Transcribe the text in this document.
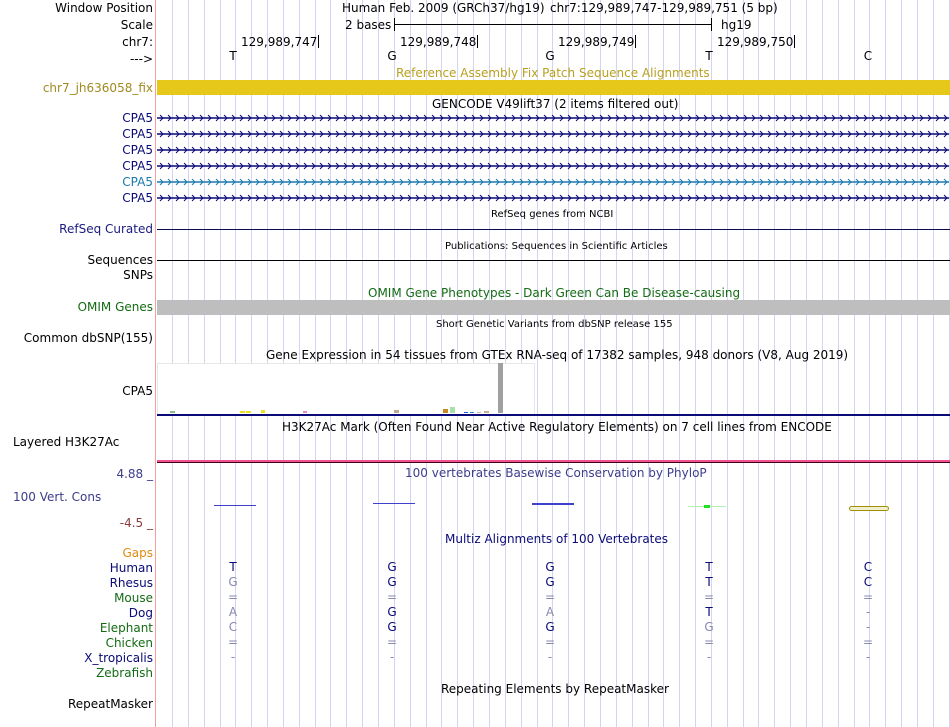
Window Position
Scale
chr7:
--->
Human Feb. 2009 (GRCh37/hg19) chr7:129,989,747-129,989,751 (5 bp)
2 bases	hg19
129,989,747	129,989,748	129,989,749	129,989,750
T	G	G	T	C
Reference Assembly Fix Patch Sequence Alignments
chr7_jh636058_fix
GENCODE V49lift37 (2 items filtered out)
CPA5
CPA5
CPA5
CPA5
CPA5
CPA5
RefSeq genes from NCBI
RefSeq Curated
Publications: Sequences in Scientific Articles
Sequences
SNPs
OMIM Gene Phenotypes - Dark Green Can Be Disease-causing
OMIM Genes
Short Genetic Variants from dbSNP release 155
Common dbSNP(155)
Gene Expression in 54 tissues from GTEx RNA-seq of 17382 samples, 948 donors (V8, Aug 2019)
CPA5
H3K27Ac Mark (Often Found Near Active Regulatory Elements) on 7 cell lines from ENCODE
Layered H3K27Ac
100 vertebrates Basewise Conservation by PhyloP
4.88 _
100 Vert. Cons
-4.5 _
Multiz Alignments of 100 Vertebrates
Gaps
Human	T	G	G	T	C
Rhesus	G	G	G	T	C
Mouse	=	=	=	=	=
Dog	A	G	A	T	-
Elephant	C	G	G	G	-
Chicken	=	=	=	=	=
X_tropicalis	-	-	-	-	-
Zebrafish
Repeating Elements by RepeatMasker
RepeatMasker
